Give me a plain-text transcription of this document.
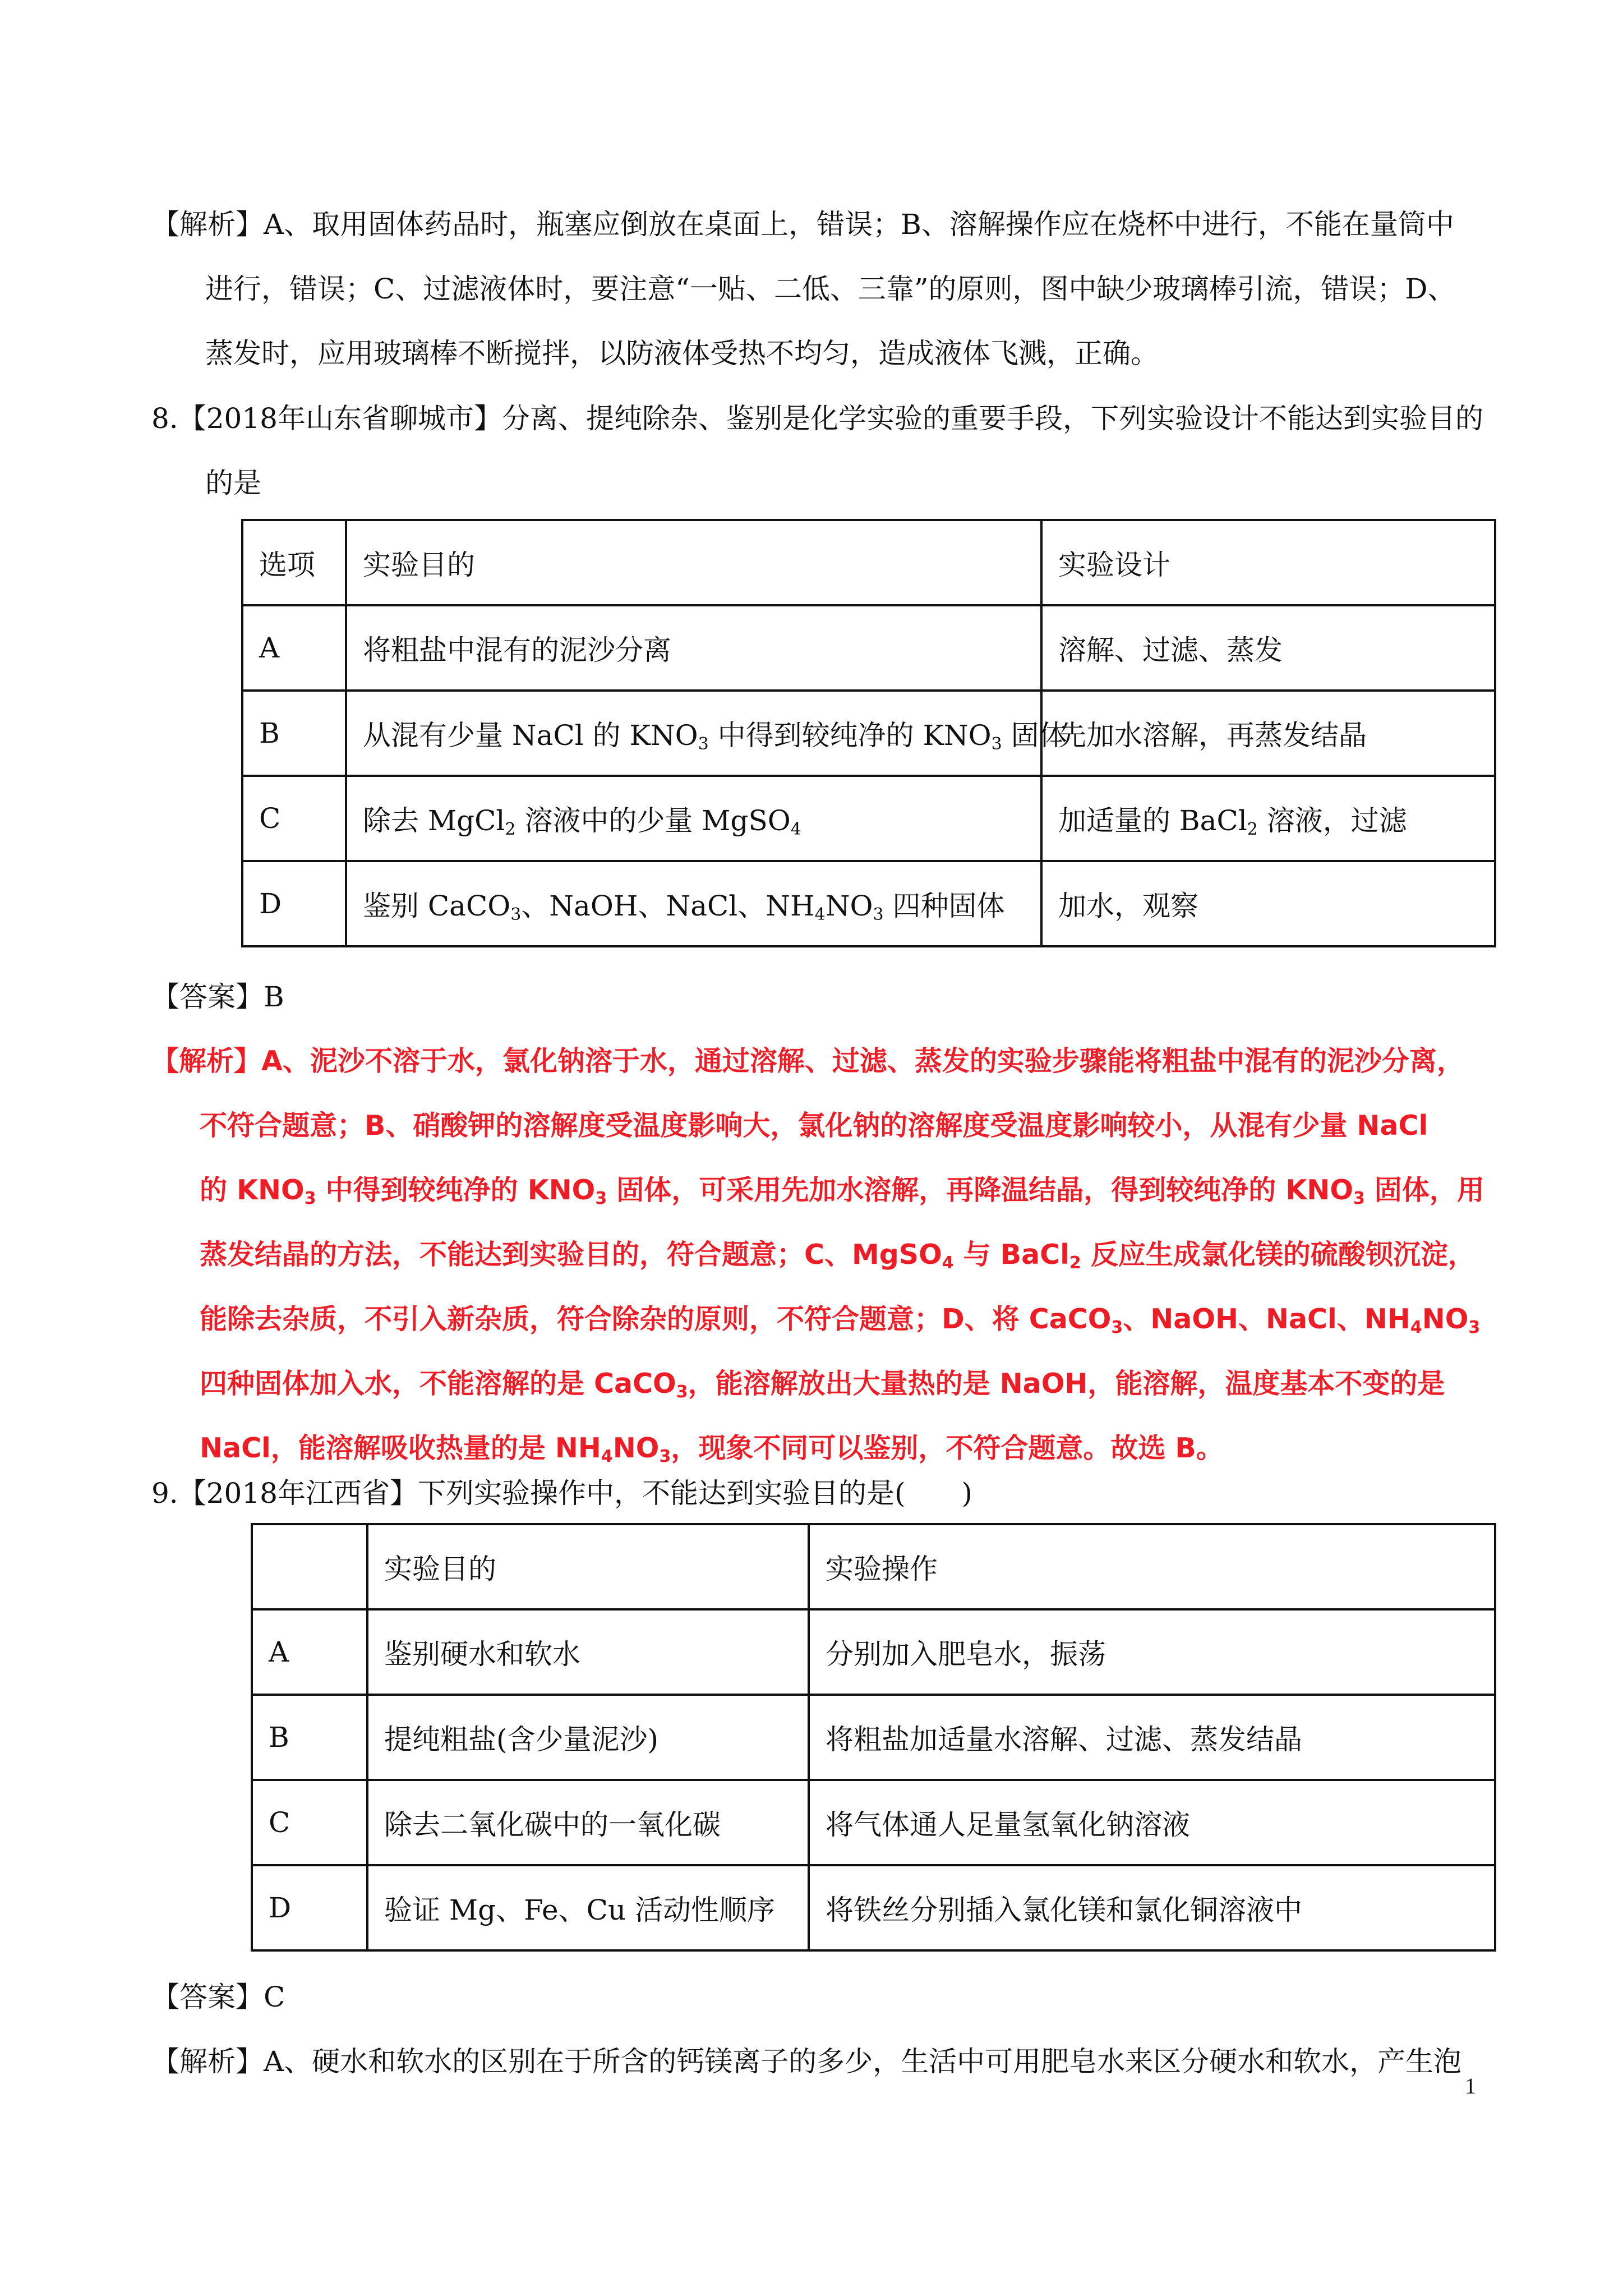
【解析】A、取用固体药品时，瓶塞应倒放在桌面上，错误；B、溶解操作应在烧杯中进行，不能在量筒中
进行，错误；C、过滤液体时，要注意“一贴、二低、三靠”的原则，图中缺少玻璃棒引流，错误；D、
蒸发时，应用玻璃棒不断搅拌，以防液体受热不均匀，造成液体飞溅，正确。
8.【2018年山东省聊城市】分离、提纯除杂、鉴别是化学实验的重要手段，下列实验设计不能达到实验目的
的是
选项	实验目的	实验设计
A	将粗盐中混有的泥沙分离	溶解、过滤、蒸发
B	从混有少量 NaCl 的 $KNO_3$ 中得到较纯净的 $KNO_3$ 固体	先加水溶解，再蒸发结晶
C	除去 MgCl$_2$ 溶液中的少量 MgSO$_4$	加适量的 BaCl$_2$ 溶液，过滤
D	鉴别 CaCO$_3$、NaOH、NaCl、$NH_4NO_3$ 四种固体	加水，观察
【答案】B
【解析】A、泥沙不溶于水，氯化钠溶于水，通过溶解、过滤、蒸发的实验步骤能将粗盐中混有的泥沙分离，
不符合题意；B、硝酸钾的溶解度受温度影响大，氯化钠的溶解度受温度影响较小，从混有少量 NaCl
的 $KNO_3$ 中得到较纯净的 $KNO_3$ 固体，可采用先加水溶解，再降温结晶，得到较纯净的 $KNO_3$ 固体，用
蒸发结晶的方法，不能达到实验目的，符合题意；C、MgSO$_4$ 与 BaCl$_2$ 反应生成氯化镁的硫酸钡沉淀，
能除去杂质，不引入新杂质，符合除杂的原则，不符合题意；D、将 CaCO$_3$、NaOH、NaCl、$NH_4NO_3$
四种固体加入水，不能溶解的是 CaCO$_3$，能溶解放出大量热的是 NaOH，能溶解，温度基本不变的是
NaCl，能溶解吸收热量的是 $NH_4NO_3$，现象不同可以鉴别，不符合题意。故选 B。
9.【2018年江西省】下列实验操作中，不能达到实验目的是(　　)
	实验目的	实验操作
A	鉴别硬水和软水	分别加入肥皂水，振荡
B	提纯粗盐(含少量泥沙)	将粗盐加适量水溶解、过滤、蒸发结晶
C	除去二氧化碳中的一氧化碳	将气体通人足量氢氧化钠溶液
D	验证 Mg、Fe、Cu 活动性顺序	将铁丝分别插入氯化镁和氯化铜溶液中
【答案】C
【解析】A、硬水和软水的区别在于所含的钙镁离子的多少，生活中可用肥皂水来区分硬水和软水，产生泡
1
